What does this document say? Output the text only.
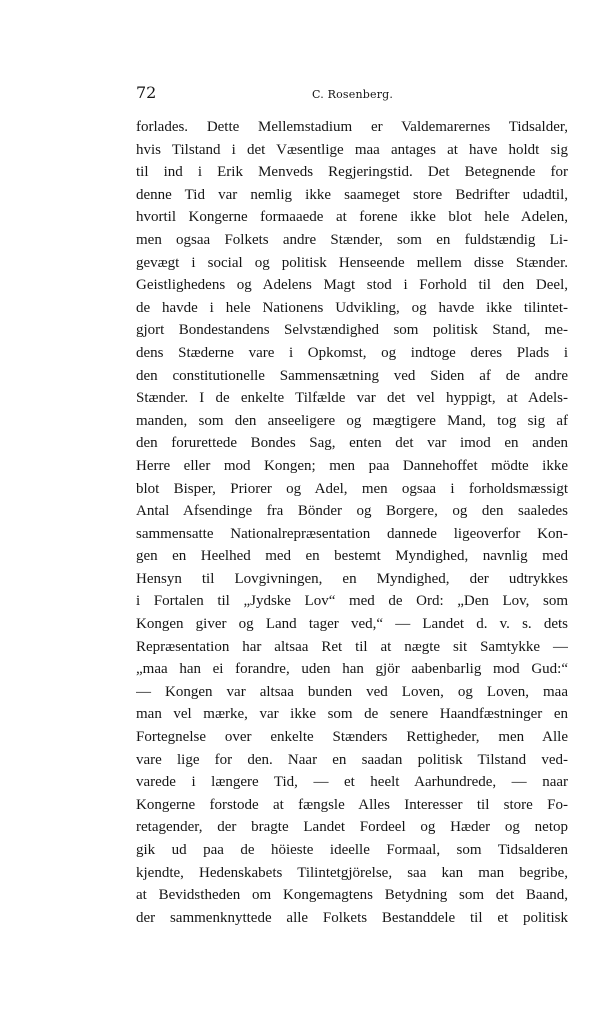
72	C. Rosenberg.
forlades. Dette Mellemstadium er Valdemarernes Tidsalder,
hvis Tilstand i det Væsentlige maa antages at have holdt sig
til ind i Erik Menveds Regjeringstid. Det Betegnende for
denne Tid var nemlig ikke saameget store Bedrifter udadtil,
hvortil Kongerne formaaede at forene ikke blot hele Adelen,
men ogsaa Folkets andre Stænder, som en fuldstændig Li-
gevægt i social og politisk Henseende mellem disse Stænder.
Geistlighedens og Adelens Magt stod i Forhold til den Deel,
de havde i hele Nationens Udvikling, og havde ikke tilintet-
gjort Bondestandens Selvstændighed som politisk Stand, me-
dens Stæderne vare i Opkomst, og indtoge deres Plads i
den constitutionelle Sammensætning ved Siden af de andre
Stænder. I de enkelte Tilfælde var det vel hyppigt, at Adels-
manden, som den anseeligere og mægtigere Mand, tog sig af
den forurettede Bondes Sag, enten det var imod en anden
Herre eller mod Kongen; men paa Dannehoffet mödte ikke
blot Bisper, Priorer og Adel, men ogsaa i forholdsmæssigt
Antal Afsendinge fra Bönder og Borgere, og den saaledes
sammensatte Nationalrepræsentation dannede ligeoverfor Kon-
gen en Heelhed med en bestemt Myndighed, navnlig med
Hensyn til Lovgivningen, en Myndighed, der udtrykkes
i Fortalen til „Jydske Lov“ med de Ord: „Den Lov, som
Kongen giver og Land tager ved,“ — Landet d. v. s. dets
Repræsentation har altsaa Ret til at nægte sit Samtykke —
„maa han ei forandre, uden han gjör aabenbarlig mod Gud:“
— Kongen var altsaa bunden ved Loven, og Loven, maa
man vel mærke, var ikke som de senere Haandfæstninger en
Fortegnelse over enkelte Stænders Rettigheder, men Alle
vare lige for den. Naar en saadan politisk Tilstand ved-
varede i længere Tid, — et heelt Aarhundrede, — naar
Kongerne forstode at fængsle Alles Interesser til store Fo-
retagender, der bragte Landet Fordeel og Hæder og netop
gik ud paa de höieste ideelle Formaal, som Tidsalderen
kjendte, Hedenskabets Tilintetgjörelse, saa kan man begribe,
at Bevidstheden om Kongemagtens Betydning som det Baand,
der sammenknyttede alle Folkets Bestanddele til et politisk
